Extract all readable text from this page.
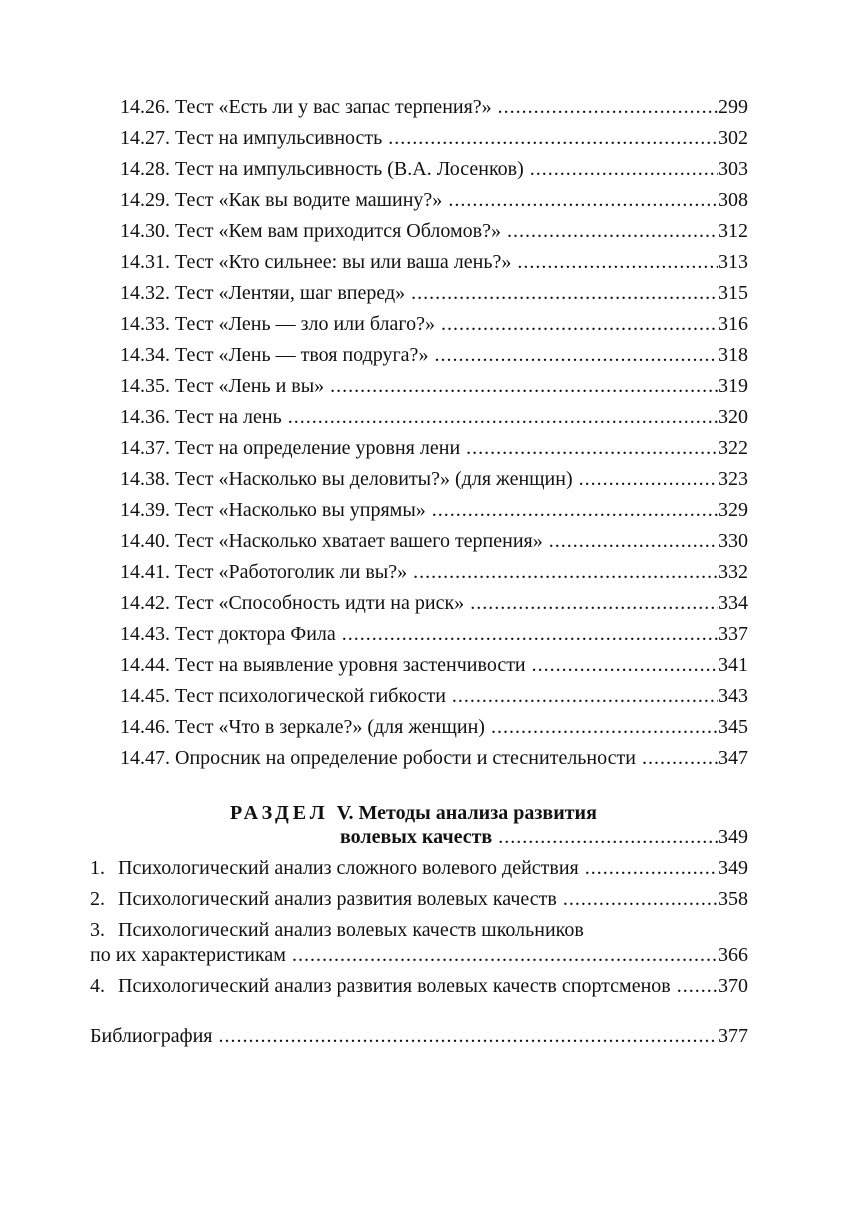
14.26. Тест «Есть ли у вас запас терпения?» .....	299
14.27. Тест на импульсивность .....	302
14.28. Тест на импульсивность (В.А. Лосенков) .....	303
14.29. Тест «Как вы водите машину?» .....	308
14.30. Тест «Кем вам приходится Обломов?» .....	312
14.31. Тест «Кто сильнее: вы или ваша лень?» .....	313
14.32. Тест «Лентяи, шаг вперед» .....	315
14.33. Тест «Лень — зло или благо?» .....	316
14.34. Тест «Лень — твоя подруга?» .....	318
14.35. Тест «Лень и вы» .....	319
14.36. Тест на лень .....	320
14.37. Тест на определение уровня лени .....	322
14.38. Тест «Насколько вы деловиты?» (для женщин) .....	323
14.39. Тест «Насколько вы упрямы» .....	329
14.40. Тест «Насколько хватает вашего терпения» .....	330
14.41. Тест «Работоголик ли вы?» .....	332
14.42. Тест «Способность идти на риск» .....	334
14.43. Тест доктора Фила .....	337
14.44. Тест на выявление уровня застенчивости .....	341
14.45. Тест психологической гибкости .....	343
14.46. Тест «Что в зеркале?» (для женщин) .....	345
14.47. Опросник на определение робости и стеснительности .....	347
РАЗДЕЛ V. Методы анализа развития
волевых качеств .....	349
1. Психологический анализ сложного волевого действия .....	349
2. Психологический анализ развития волевых качеств .....	358
3. Психологический анализ волевых качеств школьников
по их характеристикам .....	366
4. Психологический анализ развития волевых качеств спортсменов ..... 370
Библиография .....	377
